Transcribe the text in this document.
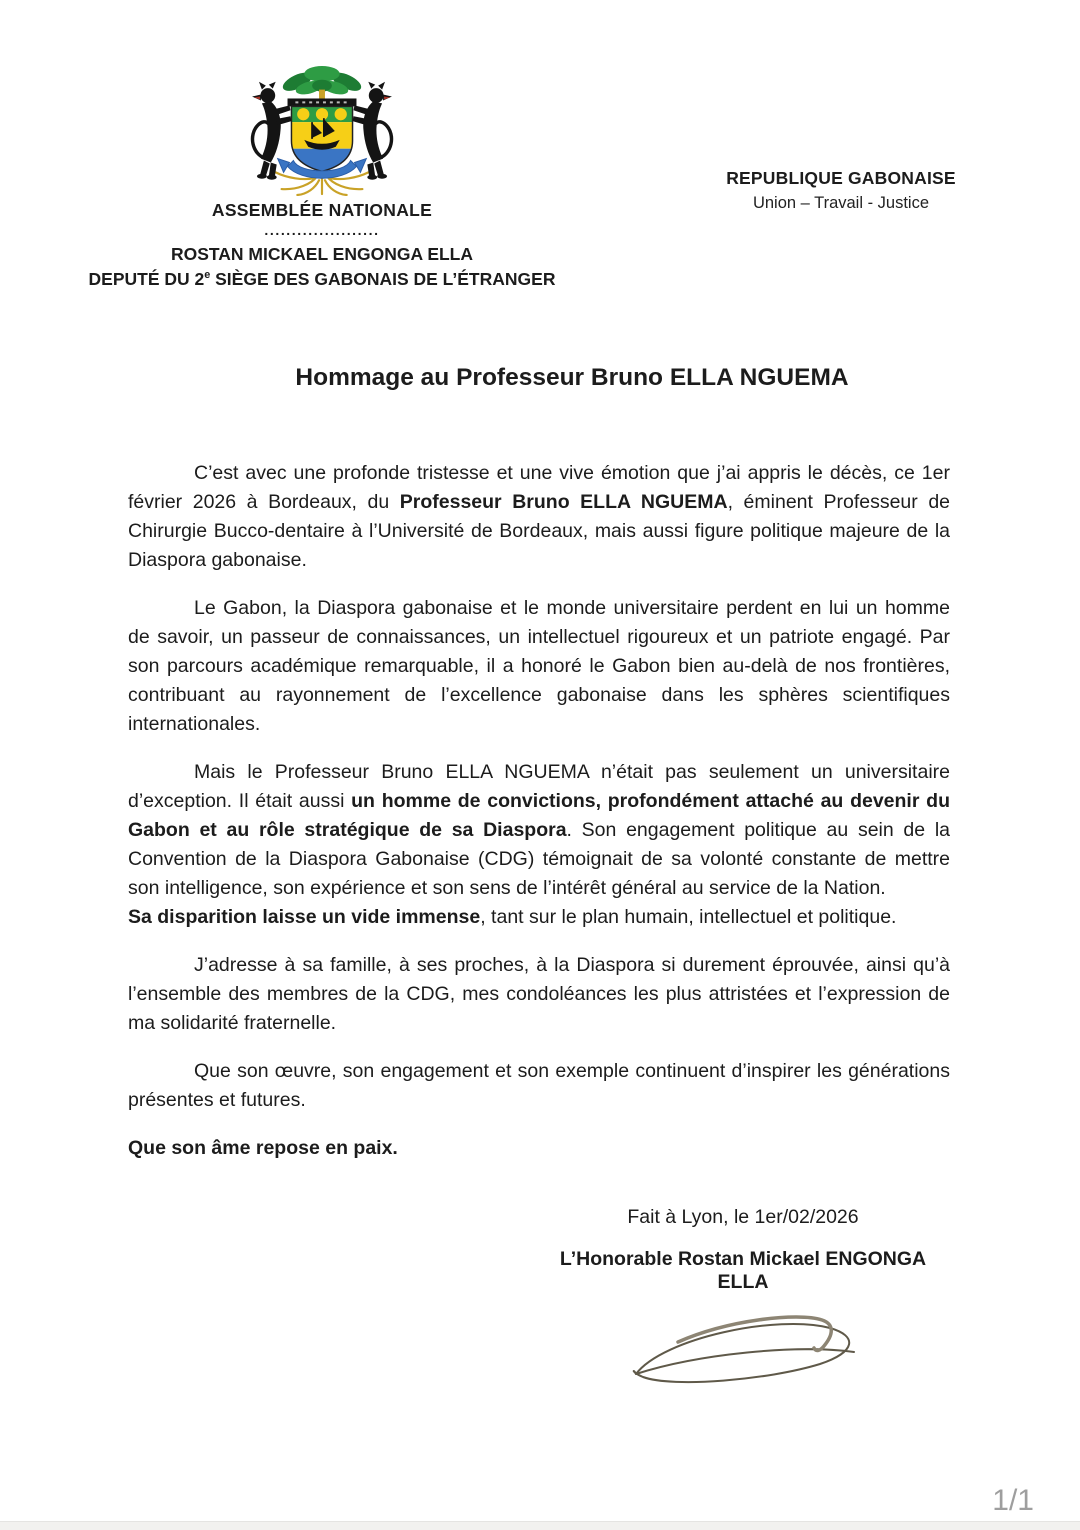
ASSEMBLÉE NATIONALE
.....................
ROSTAN MICKAEL ENGONGA ELLA
DEPUTÉ DU 2e SIÈGE DES GABONAIS DE L’ÉTRANGER
REPUBLIQUE GABONAISE
Union – Travail - Justice
Hommage au Professeur Bruno ELLA NGUEMA

C’est avec une profonde tristesse et une vive émotion que j’ai appris le décès, ce 1er février 2026 à Bordeaux, du Professeur Bruno ELLA NGUEMA, éminent Professeur de Chirurgie Bucco-dentaire à l’Université de Bordeaux, mais aussi figure politique majeure de la Diaspora gabonaise.

Le Gabon, la Diaspora gabonaise et le monde universitaire perdent en lui un homme de savoir, un passeur de connaissances, un intellectuel rigoureux et un patriote engagé. Par son parcours académique remarquable, il a honoré le Gabon bien au-delà de nos frontières, contribuant au rayonnement de l’excellence gabonaise dans les sphères scientifiques internationales.

Mais le Professeur Bruno ELLA NGUEMA n’était pas seulement un universitaire d’exception. Il était aussi un homme de convictions, profondément attaché au devenir du Gabon et au rôle stratégique de sa Diaspora. Son engagement politique au sein de la Convention de la Diaspora Gabonaise (CDG) témoignait de sa volonté constante de mettre son intelligence, son expérience et son sens de l’intérêt général au service de la Nation.

Sa disparition laisse un vide immense, tant sur le plan humain, intellectuel et politique.

J’adresse à sa famille, à ses proches, à la Diaspora si durement éprouvée, ainsi qu’à l’ensemble des membres de la CDG, mes condoléances les plus attristées et l’expression de ma solidarité fraternelle.

Que son œuvre, son engagement et son exemple continuent d’inspirer les générations présentes et futures.

Que son âme repose en paix.

Fait à Lyon, le 1er/02/2026
L’Honorable Rostan Mickael ENGONGA ELLA
1/1
